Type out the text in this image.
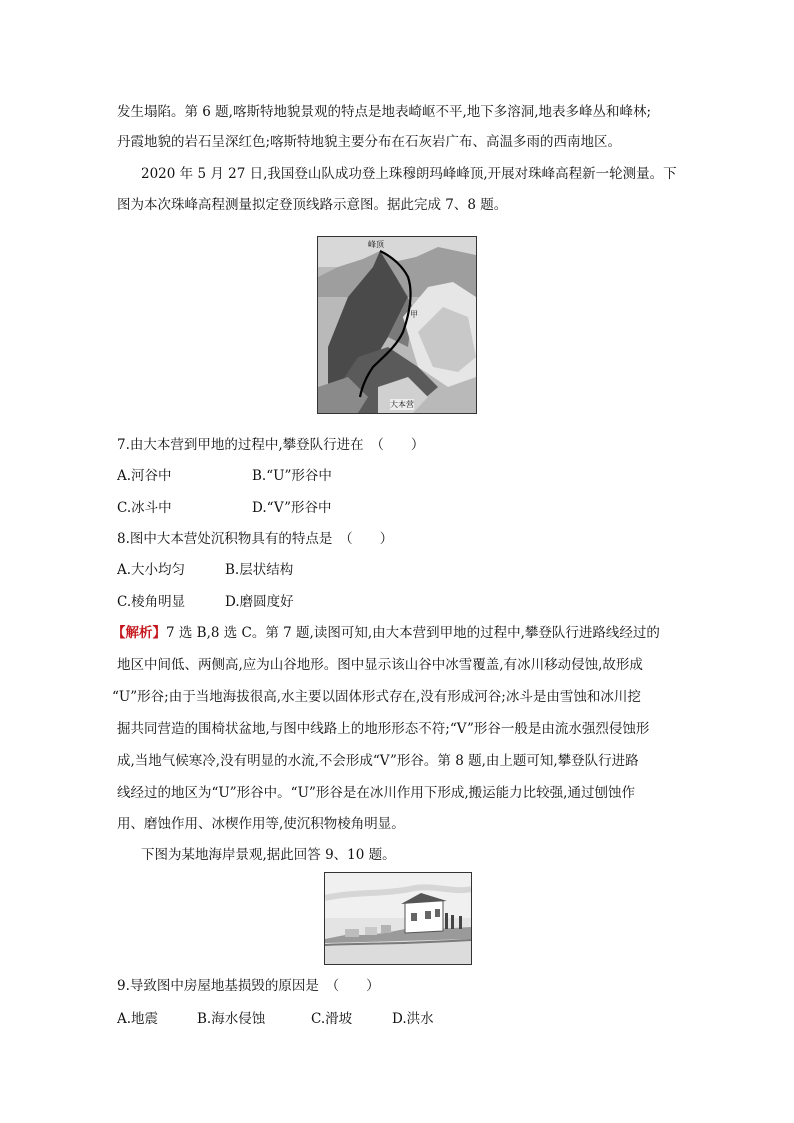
发生塌陷。第 6 题,喀斯特地貌景观的特点是地表崎岖不平,地下多溶洞,地表多峰丛和峰林;
丹霞地貌的岩石呈深红色;喀斯特地貌主要分布在石灰岩广布、高温多雨的西南地区。
2020 年 5 月 27 日,我国登山队成功登上珠穆朗玛峰峰顶,开展对珠峰高程新一轮测量。下
图为本次珠峰高程测量拟定登顶线路示意图。据此完成 7、8 题。
峰顶
甲
大本营
7.由大本营到甲地的过程中,攀登队行进在　（　　）
A.河谷中	B.“U”形谷中
C.冰斗中	D.“V”形谷中
8.图中大本营处沉积物具有的特点是　（　　）
A.大小均匀	B.层状结构
C.棱角明显	D.磨圆度好
【解析】7 选 B,8 选 C。第 7 题,读图可知,由大本营到甲地的过程中,攀登队行进路线经过的
地区中间低、两侧高,应为山谷地形。图中显示该山谷中冰雪覆盖,有冰川移动侵蚀,故形成
“U”形谷;由于当地海拔很高,水主要以固体形式存在,没有形成河谷;冰斗是由雪蚀和冰川挖
掘共同营造的围椅状盆地,与图中线路上的地形形态不符;“V”形谷一般是由流水强烈侵蚀形
成,当地气候寒冷,没有明显的水流,不会形成“V”形谷。第 8 题,由上题可知,攀登队行进路
线经过的地区为“U”形谷中。“U”形谷是在冰川作用下形成,搬运能力比较强,通过刨蚀作
用、磨蚀作用、冰楔作用等,使沉积物棱角明显。
下图为某地海岸景观,据此回答 9、10 题。
9.导致图中房屋地基损毁的原因是　（　　）
A.地震	B.海水侵蚀	C.滑坡	D.洪水
